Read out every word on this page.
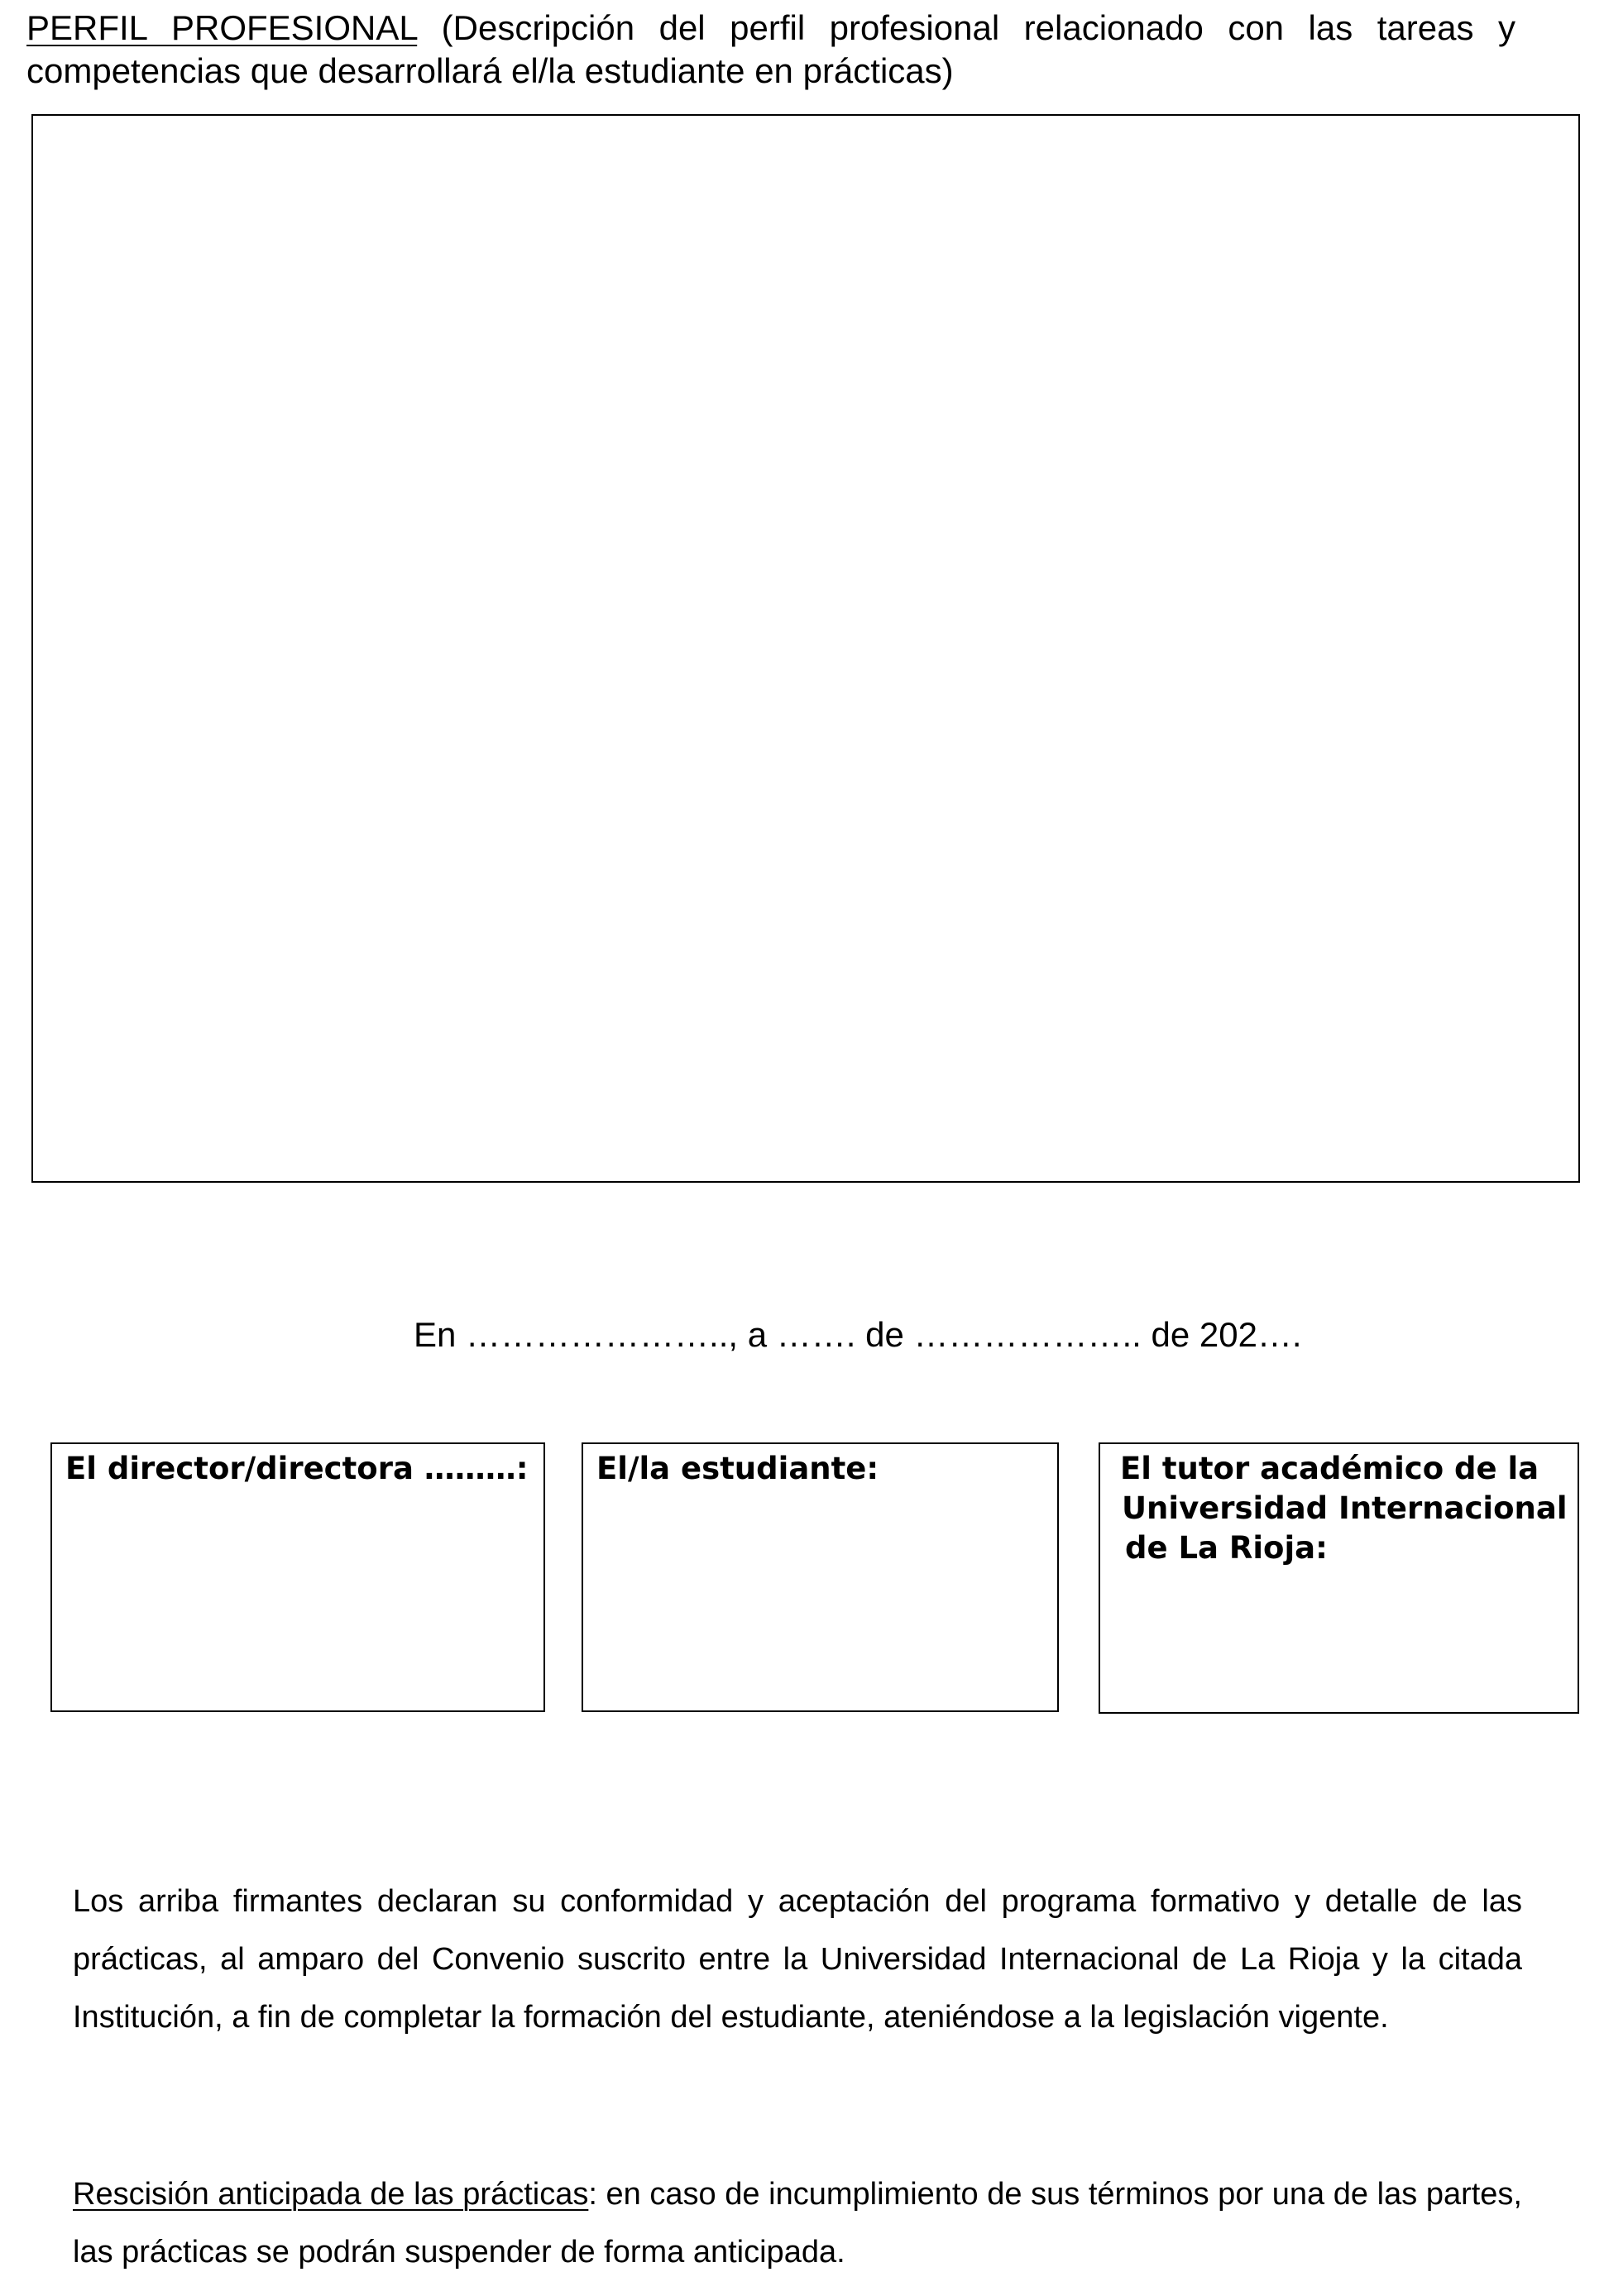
PERFIL PROFESIONAL (Descripción del perfil profesional relacionado con las tareas y competencias que desarrollará el/la estudiante en prácticas)
En ………………….., a ……. de ……………….. de 202….
El director/directora ………:	El/la estudiante:	El tutor académico de la
Universidad Internacional
de La Rioja:
Los arriba firmantes declaran su conformidad y aceptación del programa formativo y detalle de las prácticas, al amparo del Convenio suscrito entre la Universidad Internacional de La Rioja y la citada Institución, a fin de completar la formación del estudiante, ateniéndose a la legislación vigente.
Rescisión anticipada de las prácticas: en caso de incumplimiento de sus términos por una de las partes, las prácticas se podrán suspender de forma anticipada.
